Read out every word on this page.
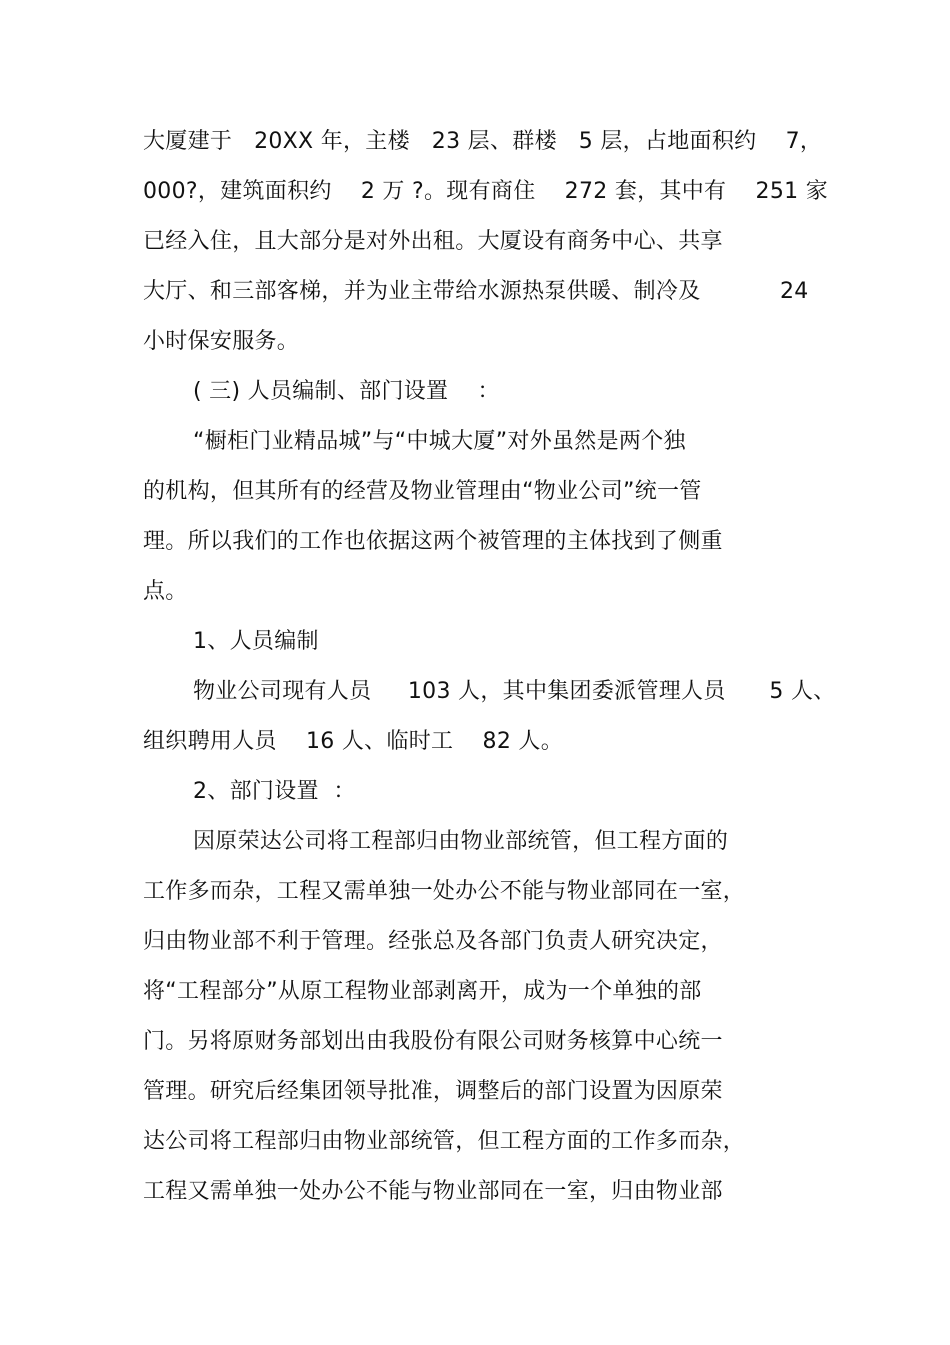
大厦建于   20XX 年，主楼   23 层、群楼   5 层，占地面积约    7，
000?，建筑面积约    2 万 ?。现有商住    272 套，其中有    251 家
已经入住，且大部分是对外出租。大厦设有商务中心、共享
大厅、和三部客梯，并为业主带给水源热泵供暖、制冷及	24
小时保安服务。
( 三) 人员编制、部门设置    ：
“橱柜门业精品城”与“中城大厦”对外虽然是两个独
的机构，但其所有的经营及物业管理由“物业公司”统一管
理。所以我们的工作也依据这两个被管理的主体找到了侧重
点。
1、人员编制
物业公司现有人员     103 人，其中集团委派管理人员      5 人、
组织聘用人员    16 人、临时工    82 人。
2、部门设置  ：
因原荣达公司将工程部归由物业部统管，但工程方面的
工作多而杂，工程又需单独一处办公不能与物业部同在一室，
归由物业部不利于管理。经张总及各部门负责人研究决定，
将“工程部分”从原工程物业部剥离开，成为一个单独的部
门。另将原财务部划出由我股份有限公司财务核算中心统一
管理。研究后经集团领导批准，调整后的部门设置为因原荣
达公司将工程部归由物业部统管，但工程方面的工作多而杂，
工程又需单独一处办公不能与物业部同在一室，归由物业部
